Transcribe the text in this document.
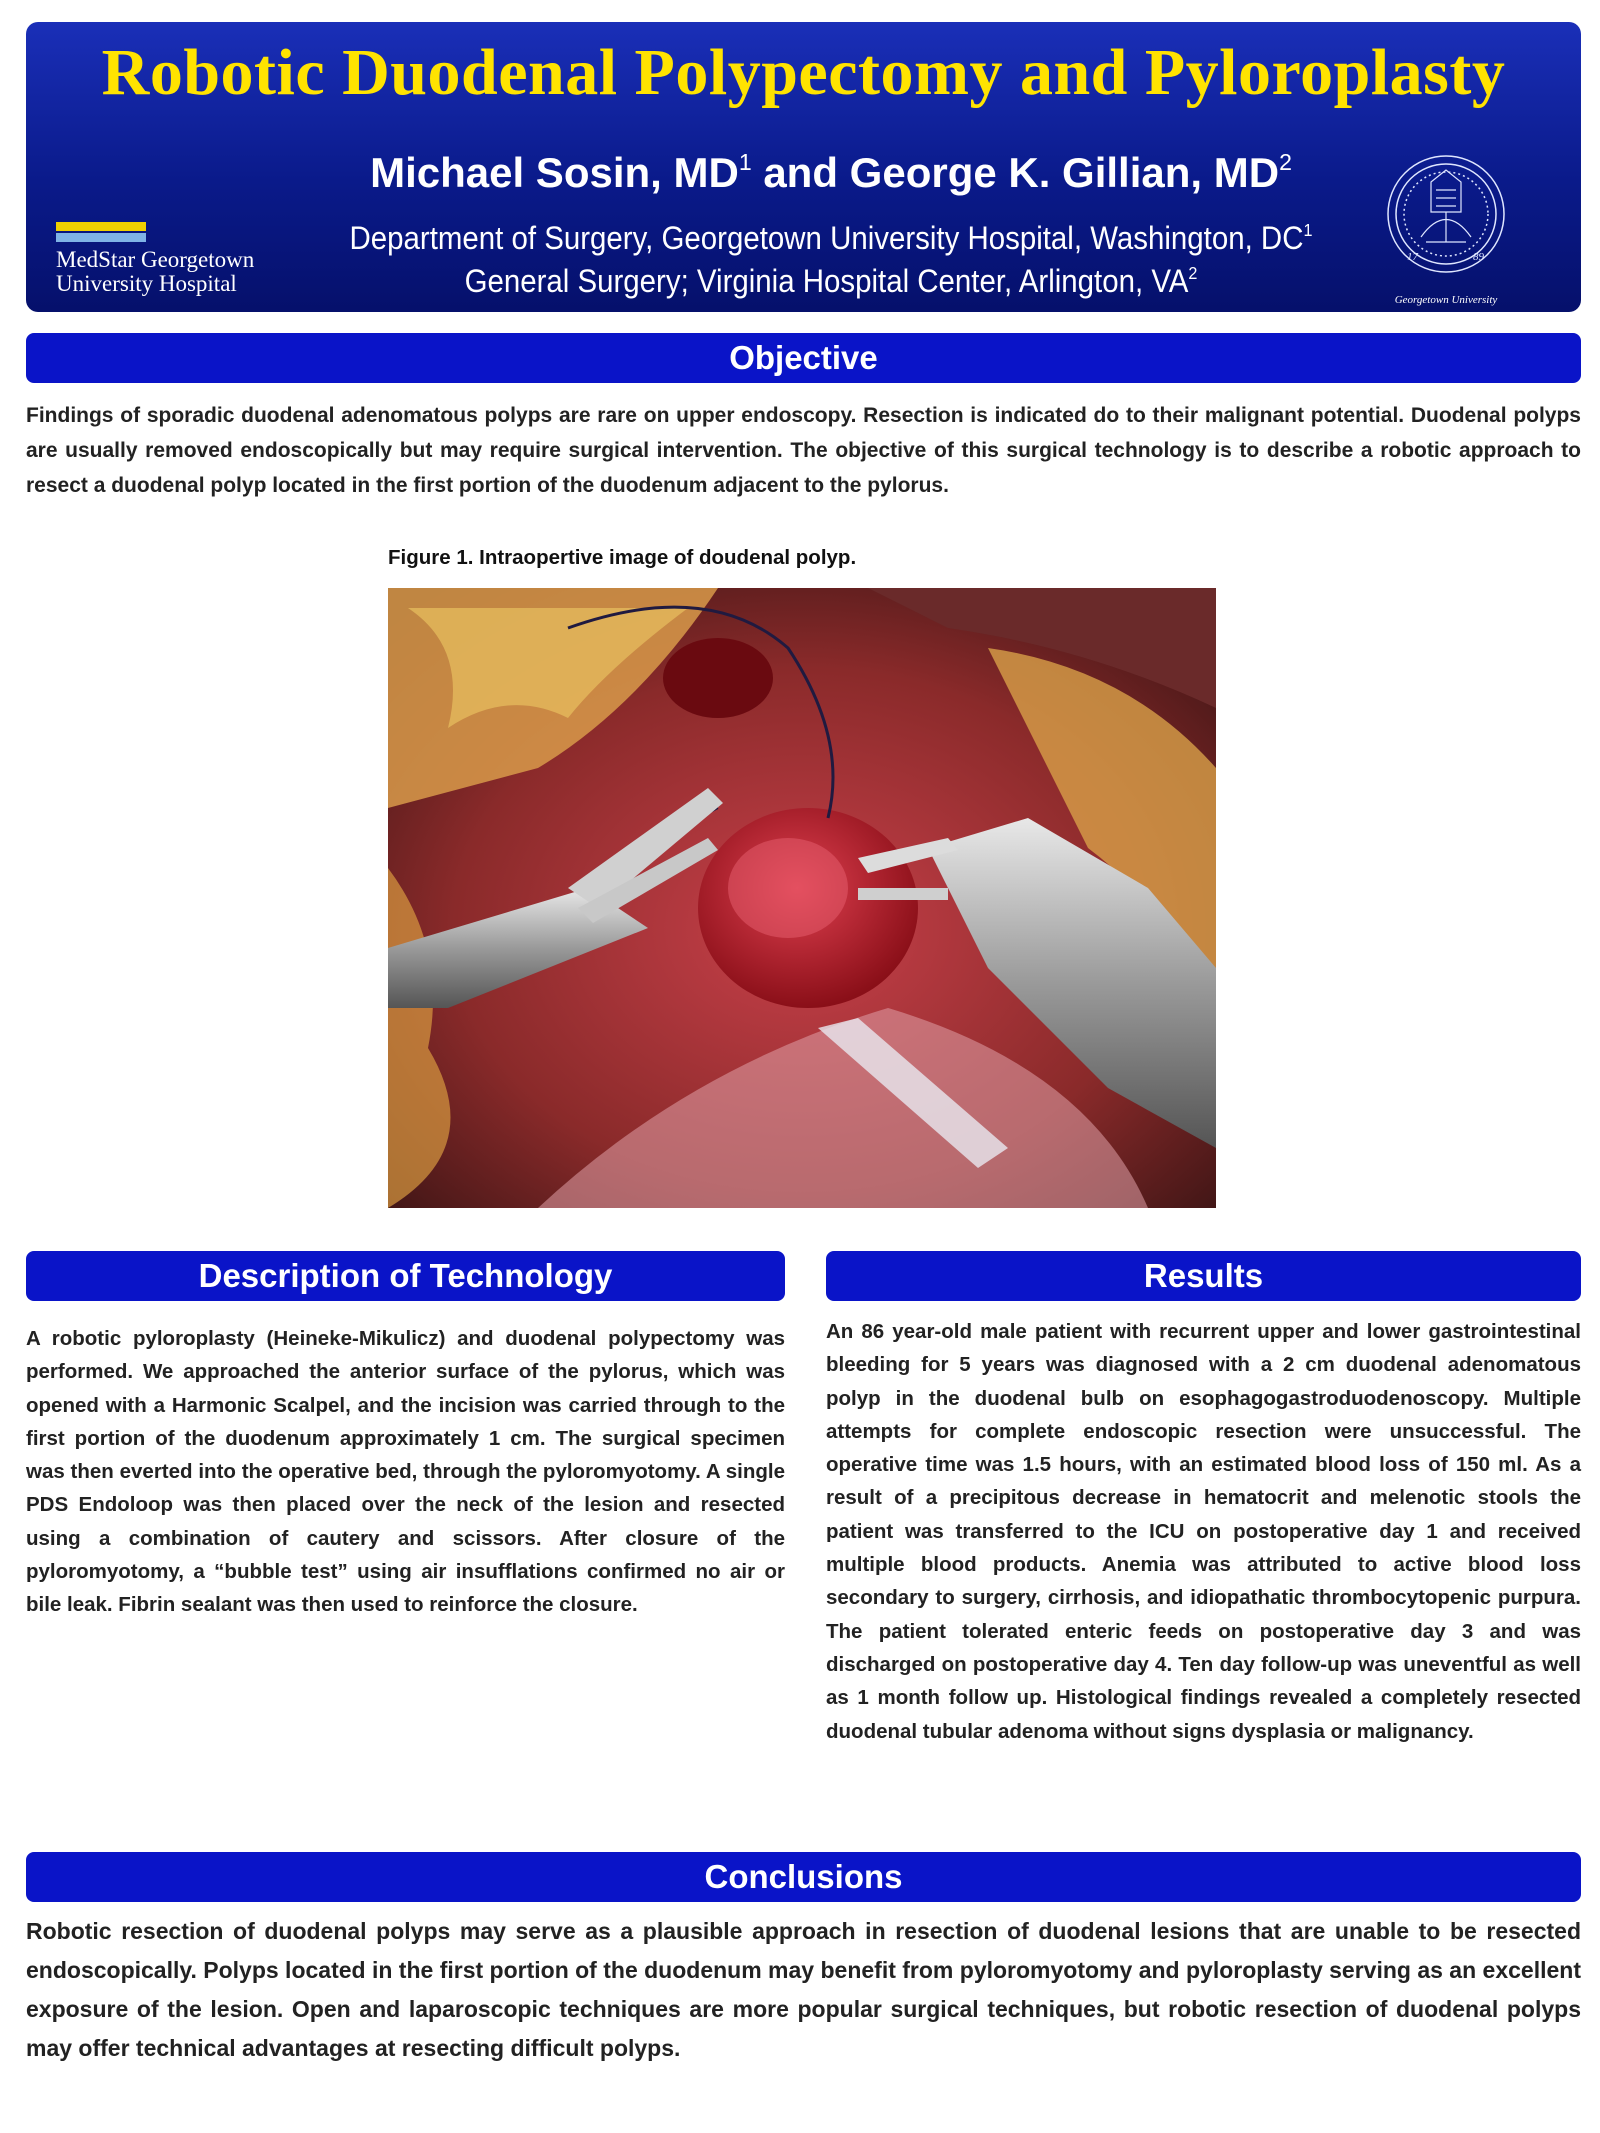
Robotic Duodenal Polypectomy and Pyloroplasty
Michael Sosin, $MD^1$ and George K. Gillian, $MD^2$
Department of Surgery, Georgetown University Hospital, Washington, $DC^1$
General Surgery; Virginia Hospital Center, Arlington, $VA^2$
MedStar Georgetown
University Hospital
17	89
Georgetown University
Objective

Findings of sporadic duodenal adenomatous polyps are rare on upper endoscopy. Resection is indicated do to their malignant potential. Duodenal polyps are usually removed endoscopically but may require surgical intervention. The objective of this surgical technology is to describe a robotic approach to resect a duodenal polyp located in the first portion of the duodenum adjacent to the pylorus.

Figure 1. Intraopertive image of doudenal polyp.
Description of Technology

A robotic pyloroplasty (Heineke-Mikulicz) and duodenal polypectomy was performed. We approached the anterior surface of the pylorus, which was opened with a Harmonic Scalpel, and the incision was carried through to the first portion of the duodenum approximately 1 cm. The surgical specimen was then everted into the operative bed, through the pyloromyotomy. A single PDS Endoloop was then placed over the neck of the lesion and resected using a combination of cautery and scissors. After closure of the pyloromyotomy, a “bubble test” using air insufflations confirmed no air or bile leak. Fibrin sealant was then used to reinforce the closure.

Results

An 86 year-old male patient with recurrent upper and lower gastrointestinal bleeding for 5 years was diagnosed with a 2 cm duodenal adenomatous polyp in the duodenal bulb on esophagogastroduodenoscopy. Multiple attempts for complete endoscopic resection were unsuccessful. The operative time was 1.5 hours, with an estimated blood loss of 150 ml. As a result of a precipitous decrease in hematocrit and melenotic stools the patient was transferred to the ICU on postoperative day 1 and received multiple blood products. Anemia was attributed to active blood loss secondary to surgery, cirrhosis, and idiopathatic thrombocytopenic purpura. The patient tolerated enteric feeds on postoperative day 3 and was discharged on postoperative day 4. Ten day follow-up was uneventful as well as 1 month follow up. Histological findings revealed a completely resected duodenal tubular adenoma without signs dysplasia or malignancy.

Conclusions

Robotic resection of duodenal polyps may serve as a plausible approach in resection of duodenal lesions that are unable to be resected endoscopically. Polyps located in the first portion of the duodenum may benefit from pyloromyotomy and pyloroplasty serving as an excellent exposure of the lesion. Open and laparoscopic techniques are more popular surgical techniques, but robotic resection of duodenal polyps may offer technical advantages at resecting difficult polyps.
